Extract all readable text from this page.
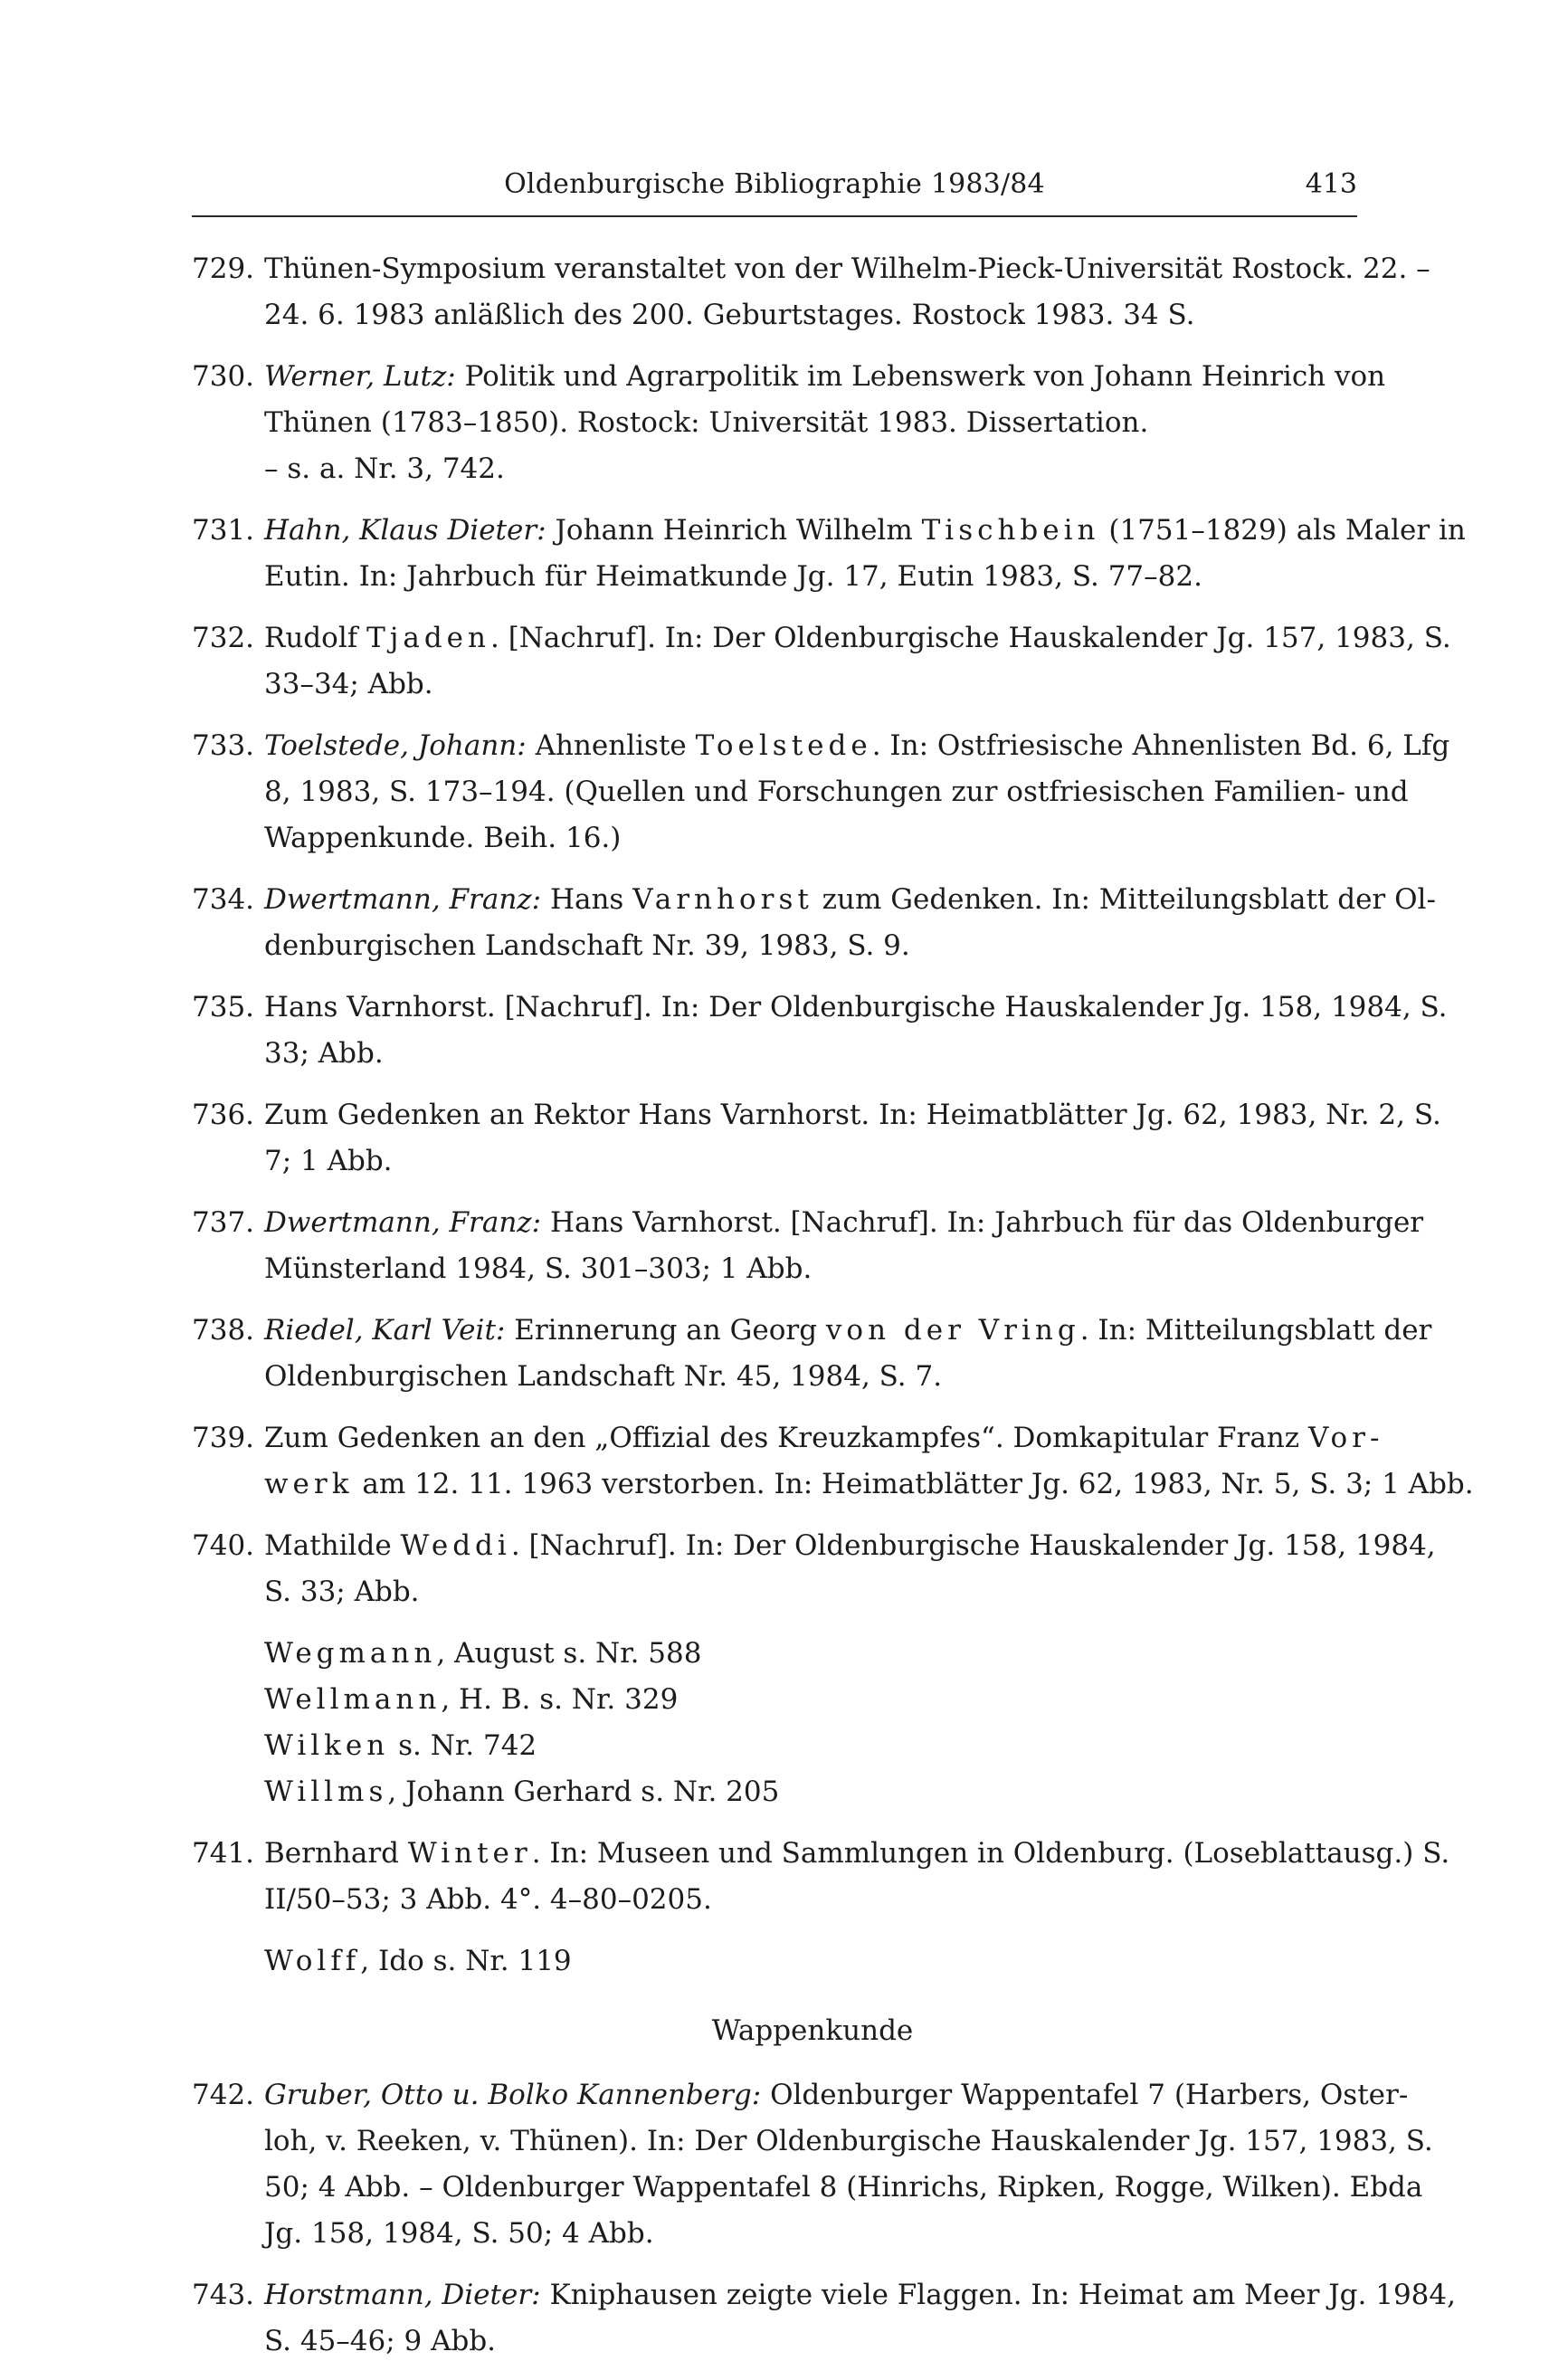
Oldenburgische Bibliographie 1983/84	413
729. Thünen-Symposium veranstaltet von der Wilhelm-Pieck-Universität Rostock. 22. –
24. 6. 1983 anläßlich des 200. Geburtstages. Rostock 1983. 34 S.
730. Werner, Lutz: Politik und Agrarpolitik im Lebenswerk von Johann Heinrich von
Thünen (1783–1850). Rostock: Universität 1983. Dissertation.
– s. a. Nr. 3, 742.
731. Hahn, Klaus Dieter: Johann Heinrich Wilhelm Tischbein (1751–1829) als Maler in
Eutin. In: Jahrbuch für Heimatkunde Jg. 17, Eutin 1983, S. 77–82.
732. Rudolf Tjaden. [Nachruf]. In: Der Oldenburgische Hauskalender Jg. 157, 1983, S.
33–34; Abb.
733. Toelstede, Johann: Ahnenliste Toelstede. In: Ostfriesische Ahnenlisten Bd. 6, Lfg
8, 1983, S. 173–194. (Quellen und Forschungen zur ostfriesischen Familien- und
Wappenkunde. Beih. 16.)
734. Dwertmann, Franz: Hans Varnhorst zum Gedenken. In: Mitteilungsblatt der Ol-
denburgischen Landschaft Nr. 39, 1983, S. 9.
735. Hans Varnhorst. [Nachruf]. In: Der Oldenburgische Hauskalender Jg. 158, 1984, S.
33; Abb.
736. Zum Gedenken an Rektor Hans Varnhorst. In: Heimatblätter Jg. 62, 1983, Nr. 2, S.
7; 1 Abb.
737. Dwertmann, Franz: Hans Varnhorst. [Nachruf]. In: Jahrbuch für das Oldenburger
Münsterland 1984, S. 301–303; 1 Abb.
738. Riedel, Karl Veit: Erinnerung an Georg von der Vring. In: Mitteilungsblatt der
Oldenburgischen Landschaft Nr. 45, 1984, S. 7.
739. Zum Gedenken an den „Offizial des Kreuzkampfes“. Domkapitular Franz Vor-
werk am 12. 11. 1963 verstorben. In: Heimatblätter Jg. 62, 1983, Nr. 5, S. 3; 1 Abb.
740. Mathilde Weddi. [Nachruf]. In: Der Oldenburgische Hauskalender Jg. 158, 1984,
S. 33; Abb.
Wegmann, August s. Nr. 588
Wellmann, H. B. s. Nr. 329
Wilken s. Nr. 742
Willms, Johann Gerhard s. Nr. 205
741. Bernhard Winter. In: Museen und Sammlungen in Oldenburg. (Loseblattausg.) S.
II/50–53; 3 Abb. 4°. 4–80–0205.
Wolff, Ido s. Nr. 119
Wappenkunde
742. Gruber, Otto u. Bolko Kannenberg: Oldenburger Wappentafel 7 (Harbers, Oster-
loh, v. Reeken, v. Thünen). In: Der Oldenburgische Hauskalender Jg. 157, 1983, S.
50; 4 Abb. – Oldenburger Wappentafel 8 (Hinrichs, Ripken, Rogge, Wilken). Ebda
Jg. 158, 1984, S. 50; 4 Abb.
743. Horstmann, Dieter: Kniphausen zeigte viele Flaggen. In: Heimat am Meer Jg. 1984,
S. 45–46; 9 Abb.
